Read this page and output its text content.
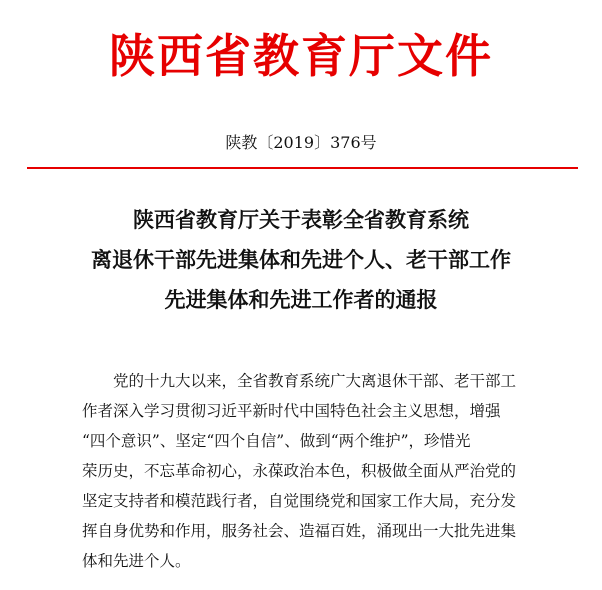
陕西省教育厅文件
陕教〔2019〕376号
陕西省教育厅关于表彰全省教育系统
离退休干部先进集体和先进个人、老干部工作
先进集体和先进工作者的通报
党的十九大以来，全省教育系统广大离退休干部、老干部工
作者深入学习贯彻习近平新时代中国特色社会主义思想，增强
“四个意识”、坚定“四个自信”、做到“两个维护”，珍惜光
荣历史，不忘革命初心，永葆政治本色，积极做全面从严治党的
坚定支持者和模范践行者，自觉围绕党和国家工作大局，充分发
挥自身优势和作用，服务社会、造福百姓，涌现出一大批先进集
体和先进个人。
